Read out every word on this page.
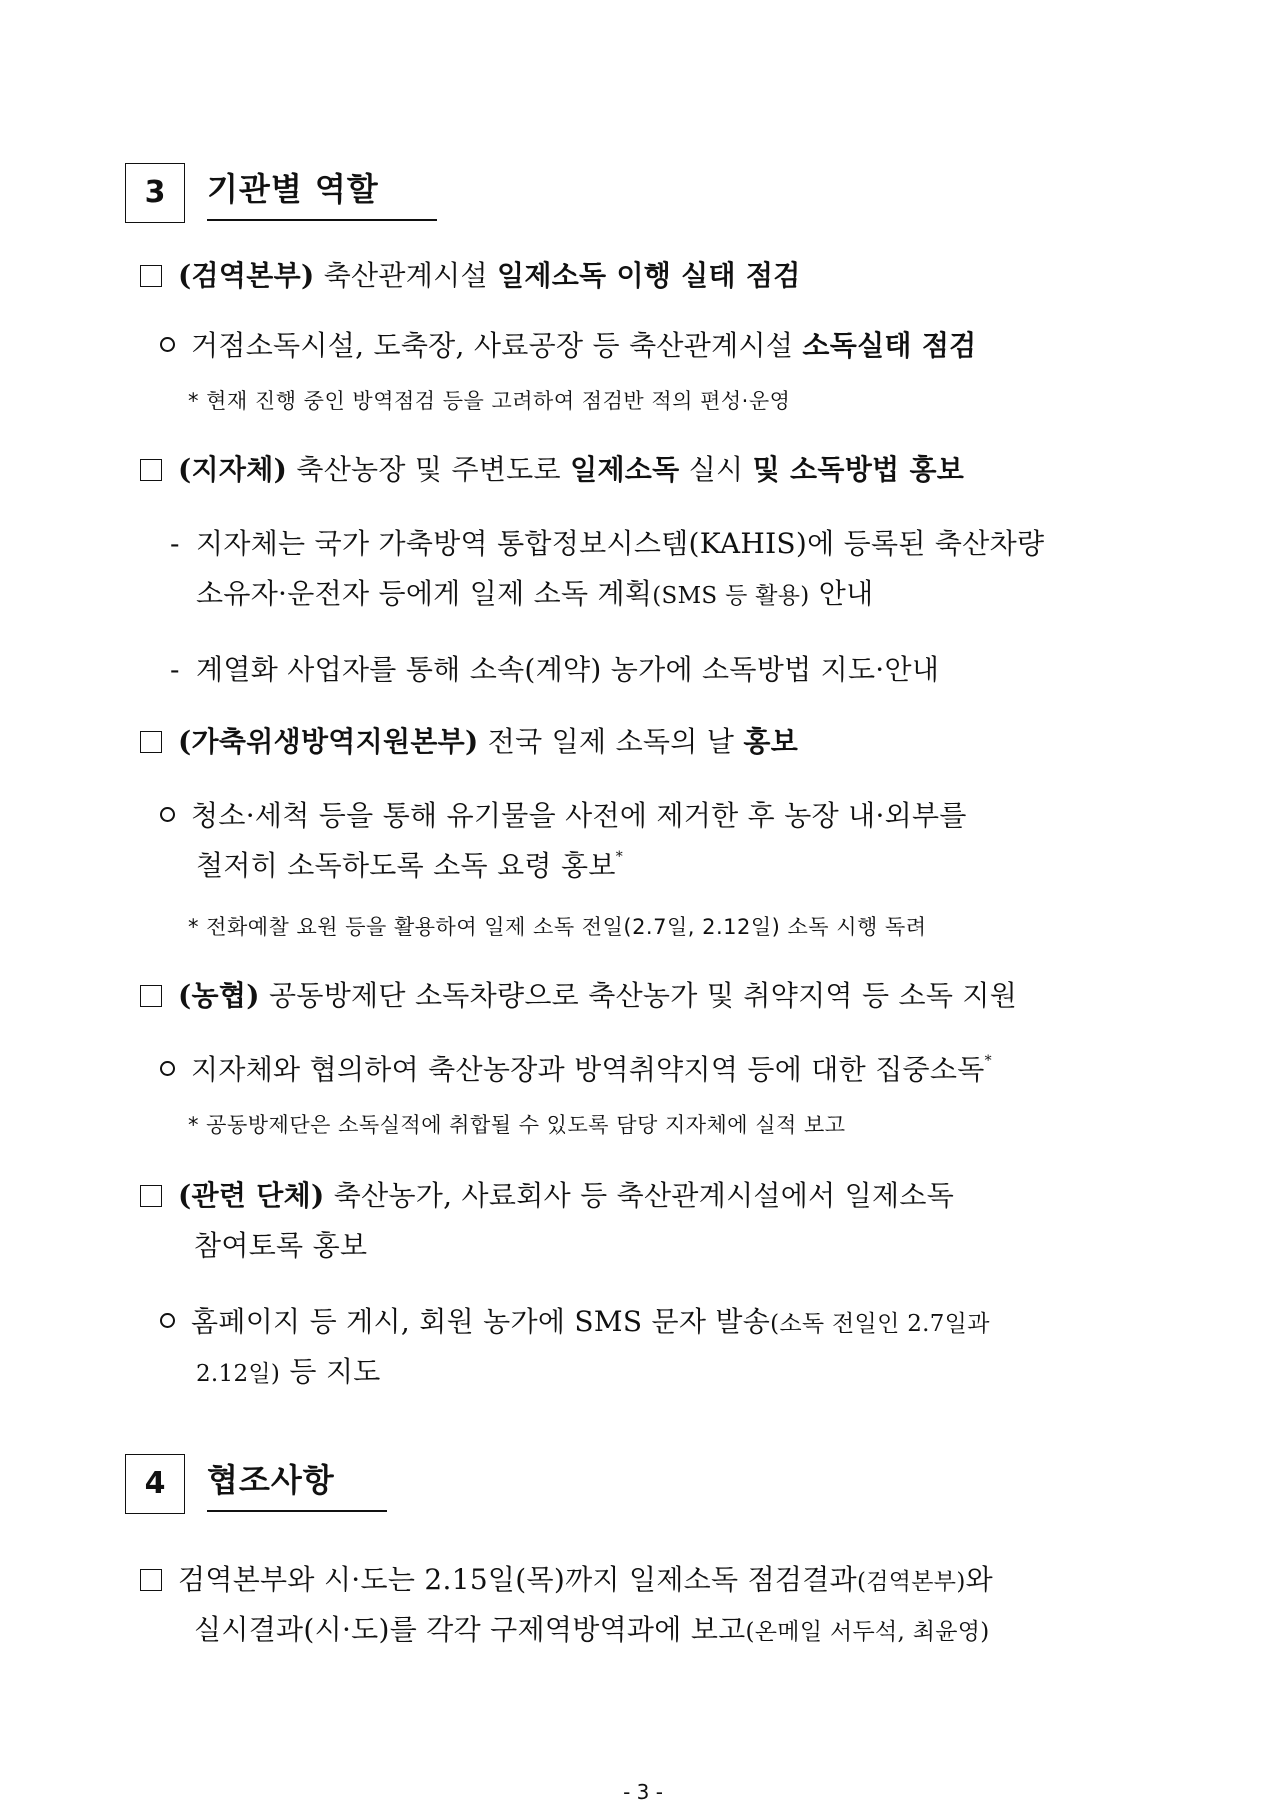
3	기관별 역할
(검역본부) 축산관계시설 일제소독 이행 실태 점검
거점소독시설, 도축장, 사료공장 등 축산관계시설 소독실태 점검
* 현재 진행 중인 방역점검 등을 고려하여 점검반 적의 편성·운영
(지자체) 축산농장 및 주변도로 일제소독 실시 및 소독방법 홍보
- 지자체는 국가 가축방역 통합정보시스템(KAHIS)에 등록된 축산차량
소유자·운전자 등에게 일제 소독 계획(SMS 등 활용) 안내
- 계열화 사업자를 통해 소속(계약) 농가에 소독방법 지도·안내
(가축위생방역지원본부) 전국 일제 소독의 날 홍보
청소·세척 등을 통해 유기물을 사전에 제거한 후 농장 내·외부를
철저히 소독하도록 소독 요령 홍보*
* 전화예찰 요원 등을 활용하여 일제 소독 전일(2.7일, 2.12일) 소독 시행 독려
(농협) 공동방제단 소독차량으로 축산농가 및 취약지역 등 소독 지원
지자체와 협의하여 축산농장과 방역취약지역 등에 대한 집중소독*
* 공동방제단은 소독실적에 취합될 수 있도록 담당 지자체에 실적 보고
(관련 단체) 축산농가, 사료회사 등 축산관계시설에서 일제소독
참여토록 홍보
홈페이지 등 게시, 회원 농가에 SMS 문자 발송(소독 전일인 2.7일과
2.12일) 등 지도
4	협조사항
검역본부와 시·도는 2.15일(목)까지 일제소독 점검결과(검역본부)와
실시결과(시·도)를 각각 구제역방역과에 보고(온메일 서두석, 최윤영)
- 3 -
